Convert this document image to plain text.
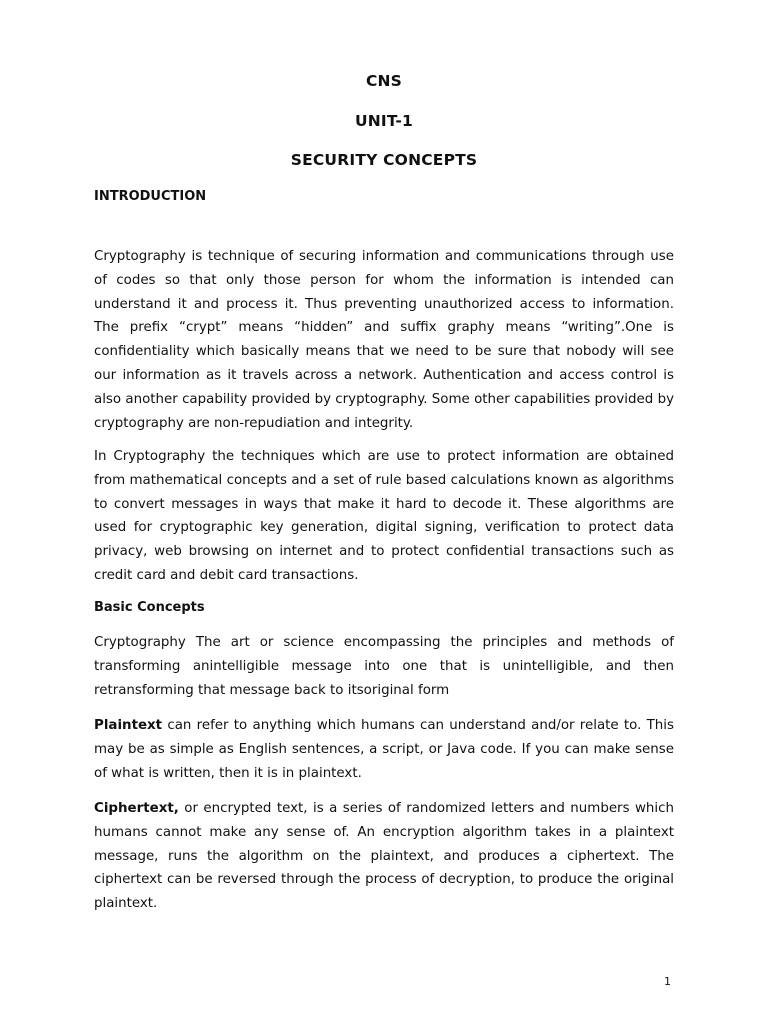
CNS
UNIT-1
SECURITY CONCEPTS
INTRODUCTION

Cryptography is technique of securing information and communications through use of codes so that only those person for whom the information is intended can understand it and process it. Thus preventing unauthorized access to information. The prefix “crypt” means “hidden” and suffix graphy means “writing”.One is confidentiality which basically means that we need to be sure that nobody will see our information as it travels across a network. Authentication and access control is also another capability provided by cryptography. Some other capabilities provided by cryptography are non-repudiation and integrity.

In Cryptography the techniques which are use to protect information are obtained from mathematical concepts and a set of rule based calculations known as algorithms to convert messages in ways that make it hard to decode it. These algorithms are used for cryptographic key generation, digital signing, verification to protect data privacy, web browsing on internet and to protect confidential transactions such as credit card and debit card transactions.

Basic Concepts

Cryptography The art or science encompassing the principles and methods of transforming anintelligible message into one that is unintelligible, and then retransforming that message back to itsoriginal form

Plaintext can refer to anything which humans can understand and/or relate to. This may be as simple as English sentences, a script, or Java code. If you can make sense of what is written, then it is in plaintext.

Ciphertext, or encrypted text, is a series of randomized letters and numbers which humans cannot make any sense of. An encryption algorithm takes in a plaintext message, runs the algorithm on the plaintext, and produces a ciphertext. The ciphertext can be reversed through the process of decryption, to produce the original plaintext.

1
